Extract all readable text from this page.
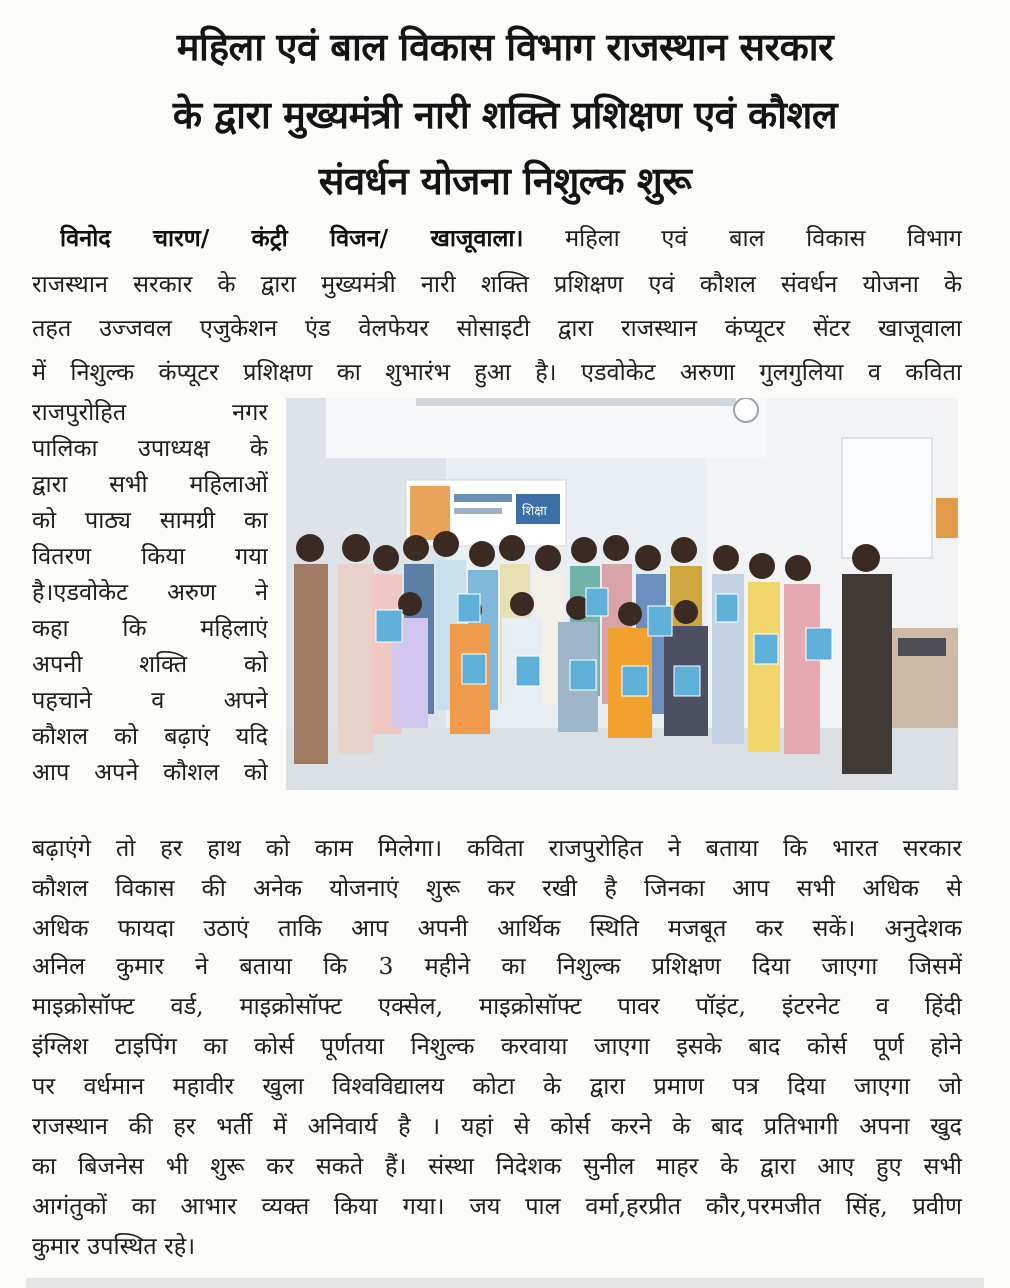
महिला एवं बाल विकास विभाग राजस्थान सरकार
के द्वारा मुख्यमंत्री नारी शक्ति प्रशिक्षण एवं कौशल
संवर्धन योजना निशुल्क शुरू
विनोद चारण/ कंट्री विजन/ खाजूवाला। महिला एवं बाल विकास विभाग
राजस्थान सरकार के द्वारा मुख्यमंत्री नारी शक्ति प्रशिक्षण एवं कौशल संवर्धन योजना के
तहत उज्जवल एजुकेशन एंड वेलफेयर सोसाइटी द्वारा राजस्थान कंप्यूटर सेंटर खाजूवाला
में निशुल्क कंप्यूटर प्रशिक्षण का शुभारंभ हुआ है। एडवोकेट अरुणा गुलगुलिया व कविता
राजपुरोहित नगर
पालिका उपाध्यक्ष के
द्वारा सभी महिलाओं
को पाठ्य सामग्री का
वितरण किया गया
है।एडवोकेट अरुण ने
कहा कि महिलाएं
अपनी शक्ति को
पहचाने व अपने
कौशल को बढ़ाएं यदि
आप अपने कौशल को
शिक्षा
बढ़ाएंगे तो हर हाथ को काम मिलेगा। कविता राजपुरोहित ने बताया कि भारत सरकार
कौशल विकास की अनेक योजनाएं शुरू कर रखी है जिनका आप सभी अधिक से
अधिक फायदा उठाएं ताकि आप अपनी आर्थिक स्थिति मजबूत कर सकें। अनुदेशक
अनिल कुमार ने बताया कि 3 महीने का निशुल्क प्रशिक्षण दिया जाएगा जिसमें
माइक्रोसॉफ्ट वर्ड, माइक्रोसॉफ्ट एक्सेल, माइक्रोसॉफ्ट पावर पॉइंट, इंटरनेट व हिंदी
इंग्लिश टाइपिंग का कोर्स पूर्णतया निशुल्क करवाया जाएगा इसके बाद कोर्स पूर्ण होने
पर वर्धमान महावीर खुला विश्वविद्यालय कोटा के द्वारा प्रमाण पत्र दिया जाएगा जो
राजस्थान की हर भर्ती में अनिवार्य है । यहां से कोर्स करने के बाद प्रतिभागी अपना खुद
का बिजनेस भी शुरू कर सकते हैं। संस्था निदेशक सुनील माहर के द्वारा आए हुए सभी
आगंतुकों का आभार व्यक्त किया गया। जय पाल वर्मा,हरप्रीत कौर,परमजीत सिंह, प्रवीण
कुमार उपस्थित रहे।
